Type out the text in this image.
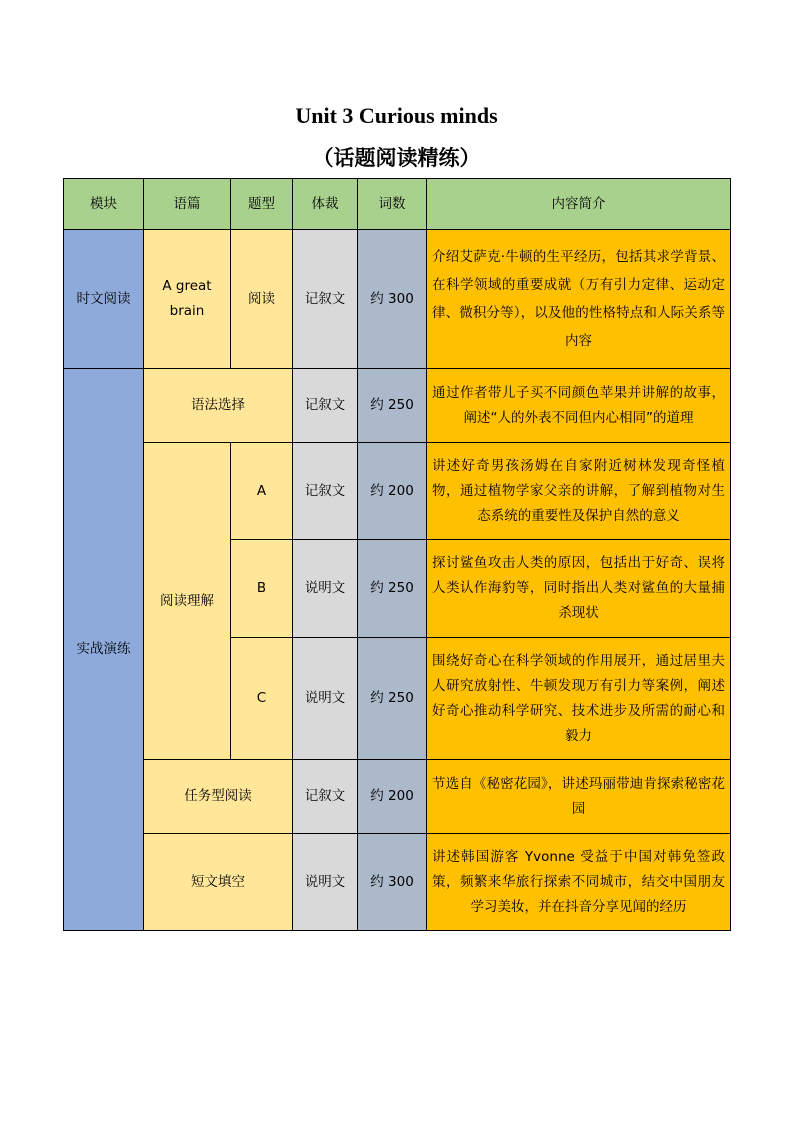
Unit 3 Curious minds
（话题阅读精练）
模块	语篇	题型	体裁	词数	内容简介
时文阅读	A great brain	阅读	记叙文	约 300	介绍艾萨克·牛顿的生平经历，包括其求学背景、在科学领域的重要成就（万有引力定律、运动定律、微积分等），以及他的性格特点和人际关系等内容
实战演练	语法选择		记叙文	约 250	通过作者带儿子买不同颜色苹果并讲解的故事，阐述“人的外表不同但内心相同”的道理
	阅读理解	A	记叙文	约 200	讲述好奇男孩汤姆在自家附近树林发现奇怪植物，通过植物学家父亲的讲解，了解到植物对生态系统的重要性及保护自然的意义
		B	说明文	约 250	探讨鲨鱼攻击人类的原因，包括出于好奇、误将人类认作海豹等，同时指出人类对鲨鱼的大量捕杀现状
		C	说明文	约 250	围绕好奇心在科学领域的作用展开，通过居里夫人研究放射性、牛顿发现万有引力等案例，阐述好奇心推动科学研究、技术进步及所需的耐心和毅力
	任务型阅读		记叙文	约 200	节选自《秘密花园》，讲述玛丽带迪肯探索秘密花园
	短文填空		说明文	约 300	讲述韩国游客 Yvonne 受益于中国对韩免签政策，频繁来华旅行探索不同城市，结交中国朋友学习美妆，并在抖音分享见闻的经历
